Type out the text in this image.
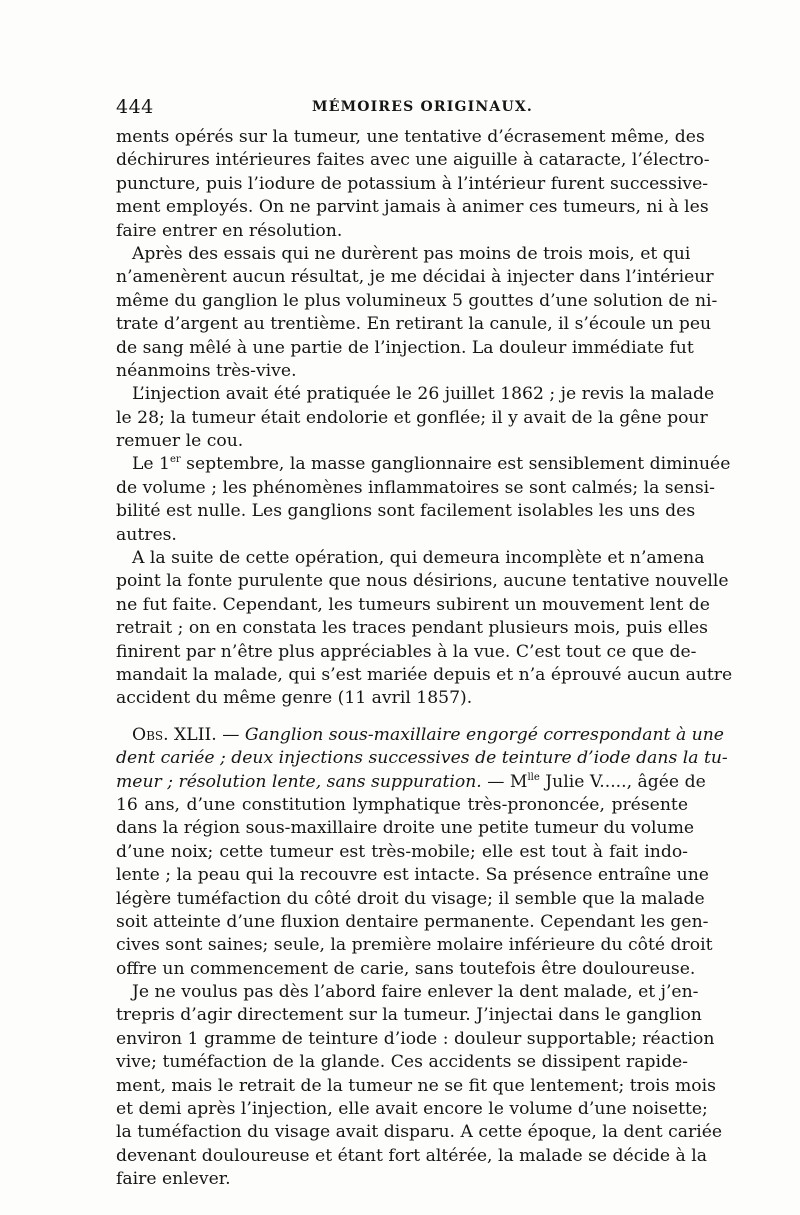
444	MÉMOIRES ORIGINAUX.
ments opérés sur la tumeur, une tentative d’écrasement même, des
déchirures intérieures faites avec une aiguille à cataracte, l’électro-
puncture, puis l’iodure de potassium à l’intérieur furent successive-
ment employés. On ne parvint jamais à animer ces tumeurs, ni à les
faire entrer en résolution.
Après des essais qui ne durèrent pas moins de trois mois, et qui
n’amenèrent aucun résultat, je me décidai à injecter dans l’intérieur
même du ganglion le plus volumineux 5 gouttes d’une solution de ni-
trate d’argent au trentième. En retirant la canule, il s’écoule un peu
de sang mêlé à une partie de l’injection. La douleur immédiate fut
néanmoins très-vive.
L’injection avait été pratiquée le 26 juillet 1862 ; je revis la malade
le 28; la tumeur était endolorie et gonflée; il y avait de la gêne pour
remuer le cou.
Le 1er septembre, la masse ganglionnaire est sensiblement diminuée
de volume ; les phénomènes inflammatoires se sont calmés; la sensi-
bilité est nulle. Les ganglions sont facilement isolables les uns des
autres.
A la suite de cette opération, qui demeura incomplète et n’amena
point la fonte purulente que nous désirions, aucune tentative nouvelle
ne fut faite. Cependant, les tumeurs subirent un mouvement lent de
retrait ; on en constata les traces pendant plusieurs mois, puis elles
finirent par n’être plus appréciables à la vue. C’est tout ce que de-
mandait la malade, qui s’est mariée depuis et n’a éprouvé aucun autre
accident du même genre (11 avril 1857).
Obs. XLII. — Ganglion sous-maxillaire engorgé correspondant à une
dent cariée ; deux injections successives de teinture d’iode dans la tu-
meur ; résolution lente, sans suppuration. — $M^{lle}$ Julie V....., âgée de
16 ans, d’une constitution lymphatique très-prononcée, présente
dans la région sous-maxillaire droite une petite tumeur du volume
d’une noix; cette tumeur est très-mobile; elle est tout à fait indo-
lente ; la peau qui la recouvre est intacte. Sa présence entraîne une
légère tuméfaction du côté droit du visage; il semble que la malade
soit atteinte d’une fluxion dentaire permanente. Cependant les gen-
cives sont saines; seule, la première molaire inférieure du côté droit
offre un commencement de carie, sans toutefois être douloureuse.
Je ne voulus pas dès l’abord faire enlever la dent malade, et j’en-
trepris d’agir directement sur la tumeur. J’injectai dans le ganglion
environ 1 gramme de teinture d’iode : douleur supportable; réaction
vive; tuméfaction de la glande. Ces accidents se dissipent rapide-
ment, mais le retrait de la tumeur ne se fit que lentement; trois mois
et demi après l’injection, elle avait encore le volume d’une noisette;
la tuméfaction du visage avait disparu. A cette époque, la dent cariée
devenant douloureuse et étant fort altérée, la malade se décide à la
faire enlever.
